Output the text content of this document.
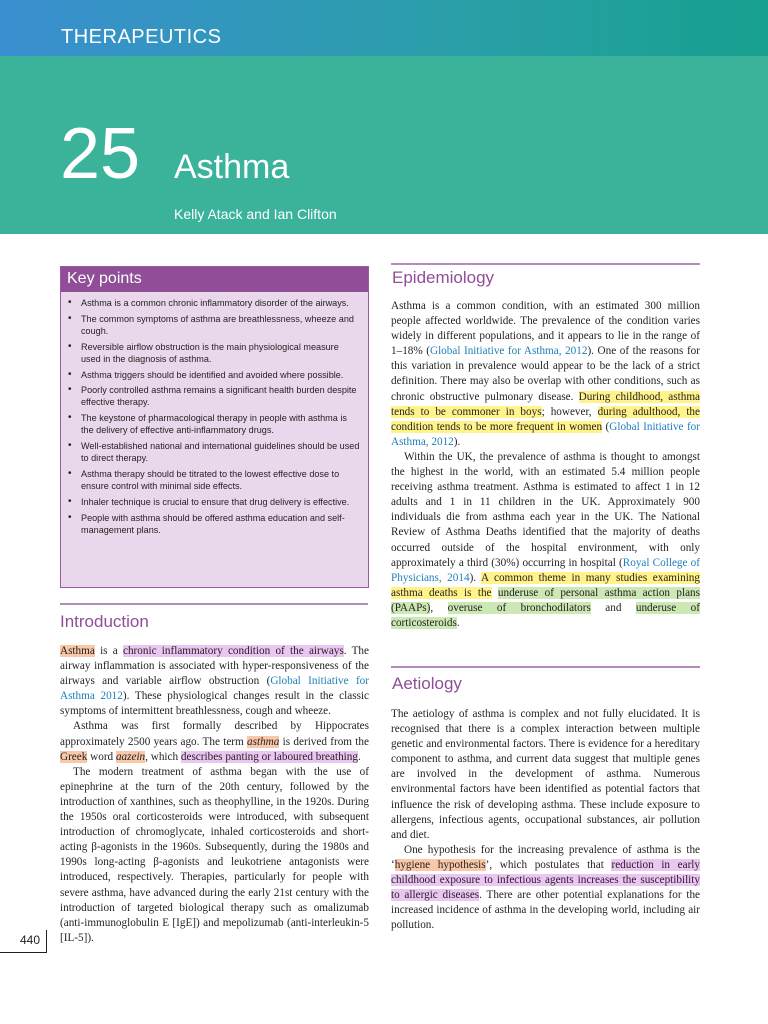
THERAPEUTICS
25 Asthma
Kelly Atack and Ian Clifton
Key points
• Asthma is a common chronic inflammatory disorder of the airways.
• The common symptoms of asthma are breathlessness, wheeze and cough.
• Reversible airflow obstruction is the main physiological measure used in the diagnosis of asthma.
• Asthma triggers should be identified and avoided where possible.
• Poorly controlled asthma remains a significant health burden despite effective therapy.
• The keystone of pharmacological therapy in people with asthma is the delivery of effective anti-inflammatory drugs.
• Well-established national and international guidelines should be used to direct therapy.
• Asthma therapy should be titrated to the lowest effective dose to ensure control with minimal side effects.
• Inhaler technique is crucial to ensure that drug delivery is effective.
• People with asthma should be offered asthma education and self-management plans.
Introduction

Asthma is a chronic inflammatory condition of the airways. The airway inflammation is associated with hyper-responsiveness of the airways and variable airflow obstruction (Global Initiative for Asthma 2012). These physiological changes result in the classic symptoms of intermittent breathlessness, cough and wheeze.

Asthma was first formally described by Hippocrates approximately 2500 years ago. The term asthma is derived from the Greek word aazein, which describes panting or laboured breathing.

The modern treatment of asthma began with the use of epinephrine at the turn of the 20th century, followed by the introduction of xanthines, such as theophylline, in the 1920s. During the 1950s oral corticosteroids were introduced, with subsequent introduction of chromoglycate, inhaled corticosteroids and short-acting β-agonists in the 1960s. Subsequently, during the 1980s and 1990s long-acting β-agonists and leukotriene antagonists were introduced, respectively. Therapies, particularly for people with severe asthma, have advanced during the early 21st century with the introduction of targeted biological therapy such as omalizumab (anti-immunoglobulin E [IgE]) and mepolizumab (anti-interleukin-5 [IL-5]).

Epidemiology

Asthma is a common condition, with an estimated 300 million people affected worldwide. The prevalence of the condition varies widely in different populations, and it appears to lie in the range of 1–18% (Global Initiative for Asthma, 2012). One of the reasons for this variation in prevalence would appear to be the lack of a strict definition. There may also be overlap with other conditions, such as chronic obstructive pulmonary disease. During childhood, asthma tends to be commoner in boys; however, during adulthood, the condition tends to be more frequent in women (Global Initiative for Asthma, 2012).

Within the UK, the prevalence of asthma is thought to amongst the highest in the world, with an estimated 5.4 million people receiving asthma treatment. Asthma is estimated to affect 1 in 12 adults and 1 in 11 children in the UK. Approximately 900 individuals die from asthma each year in the UK. The National Review of Asthma Deaths identified that the majority of deaths occurred outside of the hospital environment, with only approximately a third (30%) occurring in hospital (Royal College of Physicians, 2014). A common theme in many studies examining asthma deaths is the underuse of personal asthma action plans (PAAPs), overuse of bronchodilators and underuse of corticosteroids.

Aetiology

The aetiology of asthma is complex and not fully elucidated. It is recognised that there is a complex interaction between multiple genetic and environmental factors. There is evidence for a hereditary component to asthma, and current data suggest that multiple genes are involved in the development of asthma. Numerous environmental factors have been identified as potential factors that influence the risk of developing asthma. These include exposure to allergens, infectious agents, occupational substances, air pollution and diet.

One hypothesis for the increasing prevalence of asthma is the ‘hygiene hypothesis’, which postulates that reduction in early childhood exposure to infectious agents increases the susceptibility to allergic diseases. There are other potential explanations for the increased incidence of asthma in the developing world, including air pollution.

440
